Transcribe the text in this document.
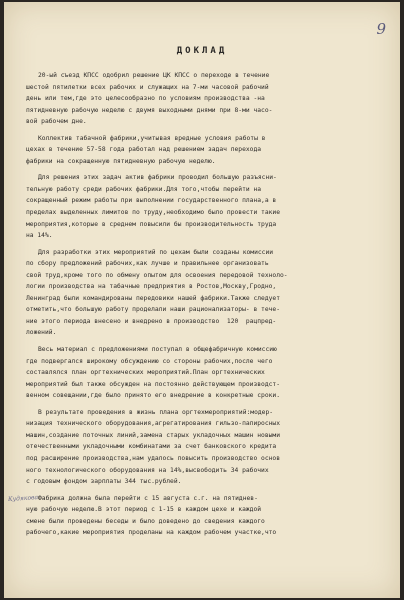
9
ДОКЛАД
Кудякова
20-ый съезд КПСС одобрил решение ЦК КПСС о переходе в течение
шестой пятилетки всех рабочих и служащих на 7-ми часовой рабочий
день или тем,где это целесообразно по условиям производства -на
пятидневную рабочую неделю с двумя выходными днями при 8-ми часо-
вой рабочем дне.
Коллектив табачной фабрики,учитывая вредные условия работы в
цехах в течение 57-58 года работал над решением задач перехода
фабрики на сокращенную пятидневную рабочую неделю.
Для решения этих задач актив фабрики проводил большую разъясни-
тельную работу среди рабочих фабрики.Для того,чтобы перейти на
сокращенный режим работы при выполнении государственного плана,а в
пределах выделенных лимитов по труду,необходимо было провести такие
мероприятия,которые в среднем повысили бы производительность труда
на 14%.
Для разработки этих мероприятий по цехам были созданы комиссии
по сбору предложений рабочих,как лучше и правильнее организовать
свой труд,кроме того по обмену опытом для освоения передовой техноло-
логии производства на табачные предприятия в Ростов,Москву,Гродно,
Ленинград были командированы передовики нашей фабрики.Также следует
отметить,что большую работу проделали наши рационализаторы- в тече-
ние этого периода внесено и внедрено в производство  120  рацпред-
ложений.
Весь материал с предложениями поступал в общефабричную комиссию
где подвергался широкому обсуждению со стороны рабочих,после чего
составлялся план оргтехнических мероприятий.План оргтехнических
мероприятий был также обсужден на постоянно действующем производст-
венном совещании,где было принято его внедрение в конкретные сроки.
В результате проведения в жизнь плана оргтехмероприятий:модер-
низация технического оборудования,агрегатирования гильзо-папиросных
машин,создание поточных линий,замена старых укладочных машин новыми
отечественными укладочными комбинатами за счет банковского кредита
под расширение производства,нам удалось повысить производство основ
ного технологического оборудования на 14%,высвободить 34 рабочих
с годовым фондом зарплаты 344 тыс.рублей.
Фабрика должна была перейти с 15 августа с.г. на пятиднев-
ную рабочую неделю.В этот период с 1-15 в каждом цехе и каждой
смене были проведены беседы и было доведено до сведения каждого
рабочего,какие мероприятия проделаны на каждом рабочем участке,что
